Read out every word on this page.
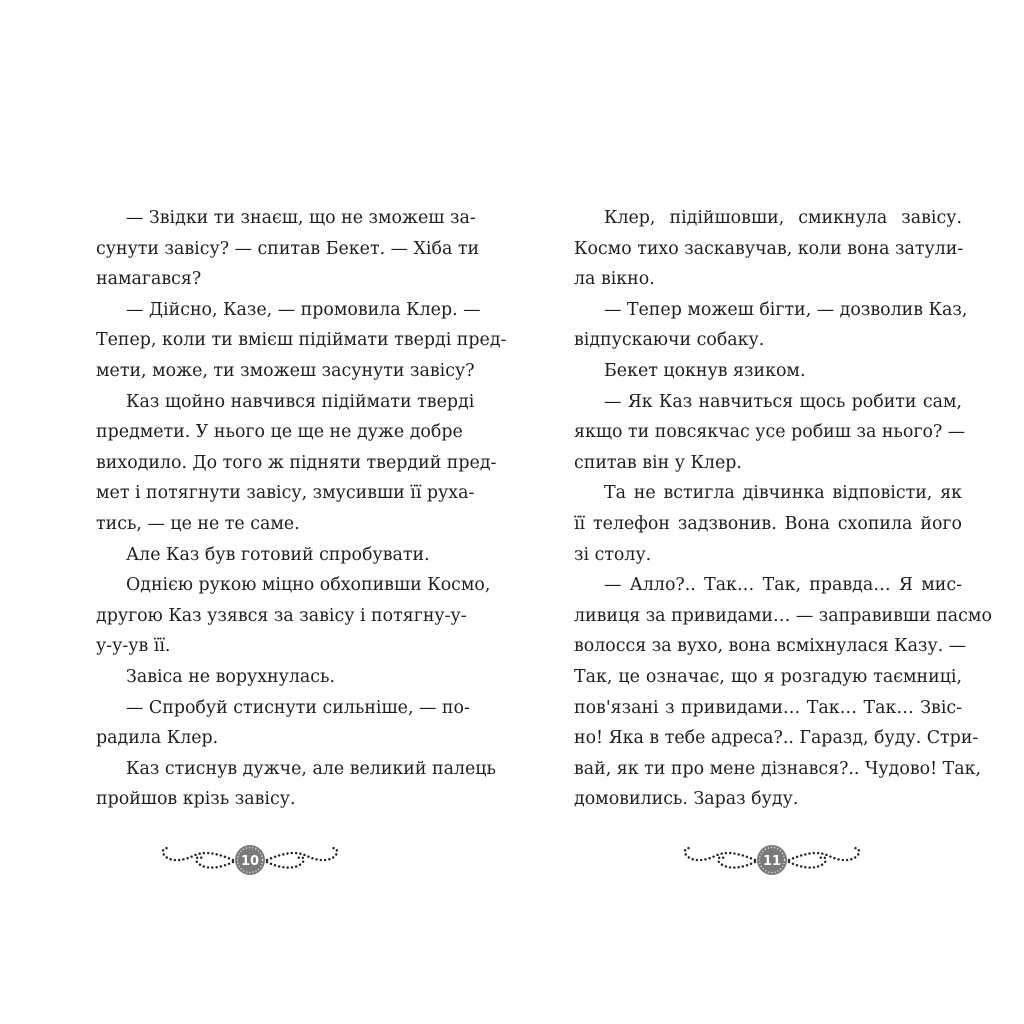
— Звідки ти знаєш, що не зможеш за-
сунути завісу? — спитав Бекет. — Хіба ти
намагався?
— Дійсно, Казе, — промовила Клер. —
Тепер, коли ти вмієш підіймати тверді пред-
мети, може, ти зможеш засунути завісу?
Каз щойно навчився підіймати тверді
предмети. У нього це ще не дуже добре
виходило. До того ж підняти твердий пред-
мет і потягнути завісу, змусивши її руха-
тись, — це не те саме.
Але Каз був готовий спробувати.
Однією рукою міцно обхопивши Космо,
другою Каз узявся за завісу і потягну-у-
у-у-ув її.
Завіса не ворухнулась.
— Спробуй стиснути сильніше, — по-
радила Клер.
Каз стиснув дужче, але великий палець
пройшов крізь завісу.
Клер, підійшовши, смикнула завісу.
Космо тихо заскавучав, коли вона затули-
ла вікно.
— Тепер можеш бігти, — дозволив Каз,
відпускаючи собаку.
Бекет цокнув язиком.
— Як Каз навчиться щось робити сам,
якщо ти повсякчас усе робиш за нього? —
спитав він у Клер.
Та не встигла дівчинка відповісти, як
її телефон задзвонив. Вона схопила його
зі столу.
— Алло?.. Так… Так, правда… Я мис-
ливиця за привидами… — заправивши пасмо
волосся за вухо, вона всміхнулася Казу. —
Так, це означає, що я розгадую таємниці,
пов'язані з привидами… Так… Так… Звіс-
но! Яка в тебе адреса?.. Гаразд, буду. Стри-
вай, як ти про мене дізнався?.. Чудово! Так,
домовились. Зараз буду.
10	11
